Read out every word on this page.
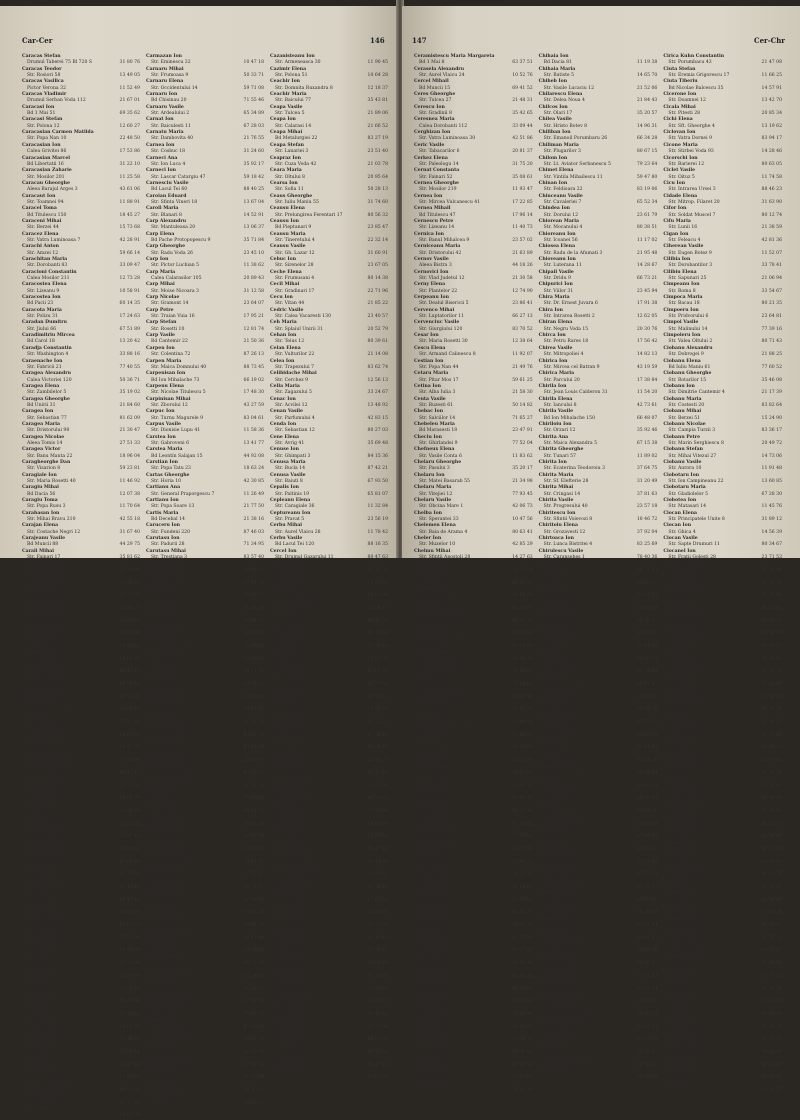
Car-Cer	146
Caracas Stefan
Drumul Taberei 75 Bl 720 S	31 80 76
Caracas Teodor
Str. Rosiori 58	13 49 05
Caracas Vasilica
Pictor Verona 32	11 52 49
Caracas Vladimir
Drumul Serban Voda 112	21 67 01
Caracasi Ion
Bd 1 Mai 51	69 35 62
Caracasi Stefan
Str. Polona 12	12 60 27
Caracasian Carmen Matilda
Str. Popa Nan 10	22 48 50
Caracasian Ion
Calea Grivitei 86	17 53 86
Caracasian Marcel
Bd Libertatii 16	31 22 10
Caracasian Zaharie
Str. Mosilor 201	11 25 58
Caracau Gheorghe
Aleea Barajul Arges 3	43 61 06
Caracaut Ion
Str. Toamnei 94	11 88 91
Caracel Toma
Bd Titulescu 150	18 45 27
Caraceni Mihai
Str. Berzei 44	15 73 68
Caracez Elena
Str. Vatra Luminoasa 7	42 28 91
Carachi Anton
Str. Amzei 12	59 66 14
Carachitan Maria
Str. Dorobanti 83	33 09 47
Caracioni Constantin
Calea Mosilor 211	12 73 28
Caracostea Elena
Str. Lizeanu 9	10 58 91
Caracostea Ion
Bd Pacii 23	60 14 35
Caracota Maria
Str. Polizu 31	17 24 63
Caradan Dumitru
Str. Jiului 66	67 51 89
Caradimitriu Mircea
Bd Carol 18	13 20 42
Caradja Constantin
Str. Washington 4	33 88 16
Caraenache Ion
Str. Fabricii 21	77 40 55
Caragea Alexandru
Calea Victoriei 120	50 36 71
Caragea Elena
Str. Zambilelor 5	35 19 02
Caragea Gheorghe
Bd Unirii 31	21 84 60
Caragea Ion
Str. Sebastian 77	81 62 09
Caragea Maria
Str. Dristorului 98	21 30 47
Caragea Nicolae
Aleea Tomis 14	27 51 33
Caragea Victor
Str. Banu Manta 22	18 96 04
Caragheorghe Dan
Str. Visarion 8	59 23 81
Caragiale Ion
Str. Maria Rosetti 40	11 46 92
Caragiu Mihai
Bd Dacia 56	12 07 38
Caragiu Toma
Str. Popa Rusu 3	11 70 64
Carahasan Ion
Str. Mihai Bravu 210	42 55 18
Carajan Elena
Str. Costache Negri 12	31 67 40
Carajeanu Vasile
Bd Muncii 88	44 29 75
Carali Mihai
Str. Fainari 17	35 81 62
Caraman Stefan
Calea Rahovei 301	23 14 09
Caramanlau Ion
Str. Aviatorilor 55	17 38 56
Caramfil Ana
Str. Barbu Vacarescu 16	33 72 91
Caramitru Ion
Bd Ferdinand 40	35 49 27
Caramuta Paul
Str. Matei Voievod 3	42 63 05
Caranda Maria
Str. Doamnei 6	13 55 80
Carandinos Petre
Bd Balcescu 9	14 31 62
Caranfil Ioana
Str. Lipscani 24	15 09 73
Carapancea Ion
Aleea Ilioara 7	83 46 12
Carapcea Vasile
Str. Turda 127	66 58 41
Caras Dumitru
Drumul Sarii 64	80 27 35
Carasel Elena
Str. Lunca Bradului 2	22 60 18
Carasu Ion
Bd Timisoara 12	77 12 43
Caratas Stefan
Str. Brezoianu 23	14 65 90
Caratanase Ana
Str. Pestalozzi 9	12 47 21
Caratanase Mihai
Calea Giulesti 135	77 80 06
Caravan Gheorghe
Str. Apusului 45	60 42 17
Caravia Nicolae
Str. Traian 152	21 54 38
Caravia Paul
Bd Magheru 28	59 05 74
Carazan Ion
Str. Nerva Traian 19	21 86 30
Carb Ion
Str. Odobesti 6	70 23 52
Carbarau Elena
Str. Salcamilor 3	42 97 15
Carbonaru Ion
Str. Sfintii Voievozi 47	18 34 61
Carbunaru Maria
Bd Bucurestii Noi 64	67 85 20
Carcadia Ion
Str. Plevnei 12	13 79 04
Carcaleanu Vasile
Str. Bucegi 33	65 12 47
Carcea Ion
Str. Grigore Ionescu 8	88 45 16
Carceanu Ion
Bd Eroilor 21	31 09 58
Carcotea Maria
Str. Berceni 44	83 61 27
Carcu Andrei
Str. Aviator Popisteanu 2	17 52 09
Carcu Elena
Str. Dobrogeanu 17	13 48 60
Carcu Ion
Str. Cotroceni 5	37 21 84
Carcu Viorica
Str. Paris 30	33 07 49
Cardas Ion
Bd Armata Poporului 1	31 66 25
Cardos Maria
Str. Putul lui Zamfir 4	59 14 88
Cardu Ion
Str. Iancu de Hunedoara 6	33 50 02
Carja Vasile
Str. Ion Campineanu 11	13 92 76
Carjan Mihai
Bd Basarabia 37	42 36 51
Carlan Elena
Str. Lirei 7	23 80 14
Carlan Ion
Str. Izvor 86	31 47 93
Carlanaru Ion
Str. Grivita 12	17 60 28
Carlaonti Gheorghe
Str. Veseliei 15	80 51 40
Carlasan Vasile
Str. Ceahlau 3	22 17 66
Carlea Ion
Str. Ilfov 6	14 25 39
Carmazan Ion
Str. Eminescu 32	10 47 18
Carnaru Mihai
Str. Frumoasa 9	50 33 71
Carnaru Elena
Str. Occidentului 14	59 71 08
Carnaru Ion
Bd Chisinau 20	71 55 46
Carnaru Vasile
Str. Ardealului 2	65 34 89
Carnat Ion
Str. Baiculesti 11	67 28 03
Carnatu Maria
Str. Dambovita 40	21 76 55
Carnea Ion
Str. Cosbuc 18	31 24 60
Carneci Ana
Str. Ion Luca 4	35 92 17
Carneci Ion
Str. Lascar Catargiu 47	59 18 42
Carnesciu Vasile
Bd Lacul Tei 60	88 40 25
Caroian Eduard
Str. Sfinta Vineri 18	13 67 04
Caroli Maria
Str. Blanari 8	14 52 91
Carp Alexandru
Str. Mantuleasa 20	13 06 37
Carp Elena
Bd Pache Protopopescu 9	35 71 84
Carp Gheorghe
Str. Radu Voda 26	23 45 10
Carp Ion
Str. Pictor Luchian 5	11 38 62
Carp Maria
Calea Calarasilor 105	20 89 43
Carp Mihai
Str. Moise Nicoara 3	31 12 58
Carp Nicolae
Str. Gramont 14	23 64 07
Carp Petre
Str. Traian Vuia 16	17 95 21
Carp Stefan
Str. Rosetti 10	12 81 74
Carp Vasile
Bd Cantemir 22	21 50 36
Carpen Ion
Str. Colentina 72	87 26 13
Carpen Maria
Str. Maica Domnului 40	88 73 45
Carpenisan Ion
Bd Ion Mihalache 73	66 19 02
Carpenu Elena
Str. Nicolae Titulescu 5	17 48 30
Carpinisan Mihai
Str. Zborului 12	43 27 59
Carpuc Ion
Str. Turnu Magurele 9	83 04 61
Carpus Vasile
Str. Dionisie Lupu 41	11 58 36
Carstea Ion
Str. Gabroveni 6	13 41 77
Carstea Maria
Bd Leontin Salajan 15	44 92 08
Carstian Ion
Str. Popa Tatu 23	18 63 24
Cartas Gheorghe
Str. Horia 10	42 30 85
Cartianu Ana
Str. General Praporgescu 7	11 26 49
Cartianu Ion
Str. Popa Soare 13	21 77 50
Cartis Maria
Bd Decebal 14	21 38 16
Caruceru Ion
Str. Fundeni 220	87 46 03
Carutasu Ion
Str. Padurii 28	71 34 95
Carutasu Mihai
Str. Trestiana 3	83 57 40
Casandra Ion
Str. Eroului 6	50 68 21
Casangiu Vasile
Str. Barbu Delavrancea 31	17 91 58
Casapu Elena
Str. Tunari 40	10 85 77
Casapu Ion
Str. Vasile Lascar 25	11 64 09
Casian Ion
Str. Mircea Voda 30	21 94 32
Casian Maria
Str. Romulus 8	20 43 66
Casleanu Ion
Str. Naum Ramniceanu 17	11 86 03
Caslaru Vasile
Str. Sf. Stefan 21	12 29 84
Caspar Elena
Str. Sperantei 9	10 71 36
Castaian Ion
Str. Mosilor 14	13 58 42
Castan Mihai
Str. Viitorului 107	12 40 91
Castelli Maria
Str. Italiana 4	14 62 85
Castrase Ion
Str. Tepes Voda 58	21 05 73
Castravet Vasile
Str. Oltenitei 112	83 22 16
Castravete Ion
Str. Luica 36	83 48 09
Castreana Elena
Str. Antiaeriana 11	23 96 47
Cataniciu Ion
Str. Teiul Doamnei 8	87 35 62
Catana Gheorghe
Str. Galati 20	11 53 28
Catana Ion
Bd Ion Sulea 44	71 80 04
Catana Maria
Str. Baba Novac 15	42 14 77
Catana Vasile
Str. Nitu Vasile 3	83 91 20
Catanescu Ion
Str. Doctor Felix 44	50 59 38
Catanoiu Elena
Str. Vasile Parvan 8	14 36 85
Catarama Ion
Str. Banul Antonache 21	33 81 52
Catargiu Mihai
Bd Kiseleff 19	17 23 07
Catavencu Ion
Str. Batistei 14	12 75 61
Cateliu Maria
Str. Icoanei 30	11 09 46
Catescu Ion
Str. Zalomit 8	14 92 33
Catinas Vasile
Str. Liviu Rebreanu 27	43 65 18
Catoiu Gheorghe
Str. Garlei 6	33 47 90
Catrina Ion
Str. Sold. Ilie Stoica 2	23 18 64
Catrina Maria
Str. Bradet 15	80 73 29
Catrinescu Elena
Str. Carpati 41	67 54 02
Catuna Ion
Str. Cuza Voda 19	21 60 87
Catuneanu Mihai
Str. Popa Lazar 6	12 34 59
Caulea Vasile
Str. Maior Coravu 9	35 26 71
Causu Ion
Str. Gherghitei 12	87 19 45
Cavaropol Elena
Str. Ghica Tei 33	88 52 36
Cazacu Ana
Str. Latina 16	11 45 03
Cazacu Gheorghe
Str. Ing. Zablovschi 5	67 81 14
Cazacu Ion
Str. Alexandru Sahia 61	11 27 68
Cazan Maria
Str. Lainici 10	78 36 92
Cazangiu Vasile
Str. Cetatii 7	80 62 17
Cazanisteanu Ion
Str. Armeneasca 30	11 90 45
Cazimir Elena
Str. Polona 51	10 64 28
Ceachir Ion
Str. Domnita Ruxandra 8	12 18 37
Ceachir Maria
Str. Baicului 77	35 43 81
Ceapa Vasile
Str. Tulcea 5	21 89 06
Ceapa Ion
Str. Calarasi 14	21 66 52
Ceapa Mihai
Bd Metalurgiei 22	83 27 19
Ceapa Stefan
Str. Lanariei 3	23 51 40
Ceapraz Ion
Str. Cuza Voda 42	21 03 78
Ceara Maria
Str. Oltului 8	20 95 64
Cearsa Ion
Str. Sofia 11	50 28 13
Ceaus Gheorghe
Str. Iuliu Maniu 55	31 74 60
Ceausu Elena
Str. Prelungirea Ferentari 17	80 56 32
Ceausu Ion
Bd Pieptanari 9	23 85 47
Ceausu Maria
Str. Tineretului 4	22 32 14
Ceausu Vasile
Str. Gh. Lazar 12	31 60 91
Cebuc Ion
Str. Sirenelor 28	23 67 05
Ceche Elena
Str. Frumusani 4	80 14 38
Cecil Mihai
Str. Gradinari 17	22 71 96
Cecu Ion
Str. Vitan 44	21 85 22
Cedric Vasile
Str. Calea Vacaresti 130	23 40 57
Ceh Maria
Str. Splaiul Unirii 31	20 52 79
Cehan Ion
Str. Teius 12	80 39 61
Celan Elena
Str. Vulturilor 22	21 14 08
Celea Ion
Str. Trapezului 7	83 62 74
Celibidache Mihai
Str. Cerchez 9	12 56 13
Cella Maria
Str. Zagazului 5	33 24 67
Cenac Ion
Str. Acvilei 12	13 48 92
Cenan Vasile
Str. Parfumului 4	42 83 15
Cenda Ion
Str. Sebastian 12	80 27 03
Cene Elena
Str. Avrig 41	35 69 48
Cenuse Ion
Str. Ghimpati 3	84 15 36
Cenusa Maria
Str. Bucla 14	87 42 21
Cenusa Vasile
Str. Baiuti 8	67 93 50
Cepalis Ion
Str. Paltinis 19	65 81 07
Cepleanu Elena
Str. Caragiale 36	11 32 84
Ceptureanu Ion
Str. Pravat 5	23 56 19
Cerbu Mihai
Str. Aurel Vlaicu 28	11 78 42
Cerbu Vasile
Bd Lacul Tei 120	88 16 35
Cercel Ion
Str. Drumul Gazarului 11	80 47 63
Cercel Maria
Str. Vatra Dornei 2	83 29 71
Cerchez Elena
Str. Berthelot 14	14 83 52
Cerchez Ion
Str. Grigore Alexandrescu 8	50 61 09
Cercheza Vasile
Str. Popa Savu 26	33 84 17
Cerciu Ion
Str. Cobadin 7	80 42 56
Cercu Maria
Str. Fagetului 33	65 12 93
Cercel Mihai
Bd Dinicu Golescu 45	37 58 24
Cerdac Ion
Str. Ionel Perlea 6	13 25 70
Cerea Elena
Str. Visana 12	87 61 48
Ceresanu Ion
Str. Pajurei 9	66 37 05
Cerga Vasile
Str. Cutitul de Argint 31	23 74 12
Cerghit Ion
Str. Mihai Eminescu 90	11 68 34
Cerna Maria
Str. Semicercului 5	60 50 27
Cernat Ion
Str. Doamna Ghica 14	87 36 41
Cernat Elena
Str. Ilioara 30	83 95 16
Cernat Mihai
Str. Bucovina 4	22 49 73
Cernat Vasile
Str. Mitropolit Varlaam 9	66 12 84
Cernatescu Ion
Str. Sf. Constantin 21	14 52 06
Cernau Maria
Str. Lunca Cernei 7	83 70 31
Cernea Ion
Str. Zizinului 12	71 26 58
Cernea Elena
Str. Argesului 18	14 63 49
Cernea Vasile
Str. Ialomita 9	35 80 62
Cernescu Ion
Str. Transilvaniei 36	59 17 83
Cernica Maria
Str. Manastirii 5	87 44 20
Cernovodeanu Paul
Str. Dumbrava Rosie 2	11 09 57
Cernuta Ion
Str. Liviu Rebreanu 9	43 38 16
Ceroni Elena
Str. Ing. Pascal 3	17 65 91
Cerqui Ion
Str. Agricultori 104	21 24 35
Certan Maria
Str. Ostrov 16	23 72 80
Cervatiuc Ion
Str. Rodnei 4	66 45 13
Ceteanu Vasile
Str. Dr. Staicovici 21	31 58 47
Ceterchi Ion
Str. Scoala Herastrau 8	33 90 24
Cetina Elena
Str. Barbu Lautaru 11	67 13 65
Cetatean Ion
Str. Lujerului 3	77 84 09
Cetateanu Mihai
Str. Stefan cel Mare 40	11 26 72
Ceuca Vasile
Str. Tudor Vladimirescu 6	31 40 83
Ceuleanu Ion
Str. Dumitru Zosima 15	33 73 58
Cezar Maria
Str. Ardealului 40	65 21 04
Cezar Vasile
Str. Maria Tanase 3	83 56 38
Cezarescu Ion
Str. Mihail Moxa 5	50 47 19
Cezari Elena
Str. Blajului 22	37 62 84
147	Cer-Chr
Ceramistescu Maria Margareta
Bd 1 Mai 8	63 37 51
Cerasela Alexandru
Str. Aurel Vlaicu 24	10 52 76
Cercel Mihail
Bd Muncii 15	69 41 52
Ceres Gheorghe
Str. Tulcea 27	21 48 31
Cerescu Ion
Str. Gradinii 8	35 42 65
Ceresnea Maria
Calea Dorobanti 112	33 09 44
Cerghizan Ion
Str. Vatra Luminoasa 30	42 51 86
Ceric Vasile
Str. Tabacarilor 6	20 81 37
Cerkez Elena
Str. Paleologu 14	31 75 20
Cernat Constanta
Str. Fainari 52	35 08 61
Cernea Gheorghe
Str. Mosilor 219	11 93 47
Cernea Ion
Str. Mircea Vulcanescu 41	17 22 85
Cernea Mihail
Bd Titulescu 47	17 96 14
Cernescu Petre
Str. Lizeanu 14	11 40 73
Cernica Ion
Str. Banul Mihalcea 9	23 57 02
Cerniceanu Maria
Str. Dristorului 42	21 63 89
Cernov Vasile
Aleea Bistra 3	44 18 26
Cernovici Ion
Str. Vlad Judetul 12	21 30 58
Cerny Elena
Str. Plantelor 22	12 74 90
Cerpeanu Ion
Str. Dealul Bisericii 5	23 86 41
Cervenco Mihai
Str. Luptatorilor 11	66 27 13
Cervenciuc Vasile
Str. Giurgiului 120	83 70 52
Cesar Ion
Str. Maria Rosetti 30	12 38 64
Cescu Elena
Str. Armand Calinescu 8	11 92 07
Cestian Ion
Str. Popa Nan 44	21 49 76
Cetaru Maria
Str. Pitar Mos 17	59 61 25
Cetina Ion
Str. Alba Iulia 3	21 58 30
Ceuta Vasile
Str. Buzesti 61	50 14 82
Chebac Ion
Str. Salciilor 14	71 65 27
Chebeleu Maria
Bd Marasesti 18	23 47 91
Checiu Ion
Str. Ghirlandei 9	77 52 04
Chefneux Elena
Str. Vasile Conta 6	11 83 62
Chelaru Gheorghe
Str. Pasului 3	35 20 17
Chelaru Ion
Str. Matei Basarab 55	21 34 98
Chelaru Maria
Str. Vitejiei 12	77 93 45
Chelaru Vasile
Str. Obcina Mare 1	42 06 73
Chelba Ion
Str. Sperantei 33	10 47 56
Chelemen Elena
Str. Baia de Arama 4	80 63 41
Cheler Ion
Str. Muzelor 10	42 85 29
Chelmu Mihai
Str. Sfintii Apostoli 28	14 27 63
Chelu Vasile
Str. Patriei 5	22 51 08
Chenciu Ion
Str. Drumul Taberei 33	80 95 34
Chendi Maria
Str. Aristide Briand 12	31 68 20
Chera Ion
Str. Barbu Vacarescu 120	88 24 57
Cherbelescu Elena
Str. Maica Domnului 8	88 37 16
Cherciu Ion
Str. Salvatorii 4	35 59 83
Cherecheanu Vasile
Str. Peleaga 13	83 11 69
Cherescu Ion
Str. Mihai Bravu 85	42 76 40
Chereches Maria
Str. Nerva Traian 2	21 93 05
Chereji Ion
Str. Frasinului 19	77 28 62
Cheresteanu Mihai
Str. Mesteacanului 5	67 40 18
Cheris Vasile
Str. Oituz 22	11 56 37
Chermeleu Ion
Str. Constantin Bosianu 7	23 81 94
Chersan Elena
Str. Alexandru Ioan Cuza 40	37 65 21
Chert Ion
Str. Gheorghe Sincai 15	31 42 06
Cherteu Maria
Str. Zambaccian 8	33 17 84
Chervase Ion
Str. Solomon 12	77 52 63
Chesaru Vasile
Str. Scaune 5	12 49 70
Chesca Ion
Str. Baltei 30	83 60 15
Chescu Elena
Str. Cireasov 4	80 27 48
Chestnoi Ion
Str. Lacramioarelor 17	87 14 32
Chetreanu Mihai
Str. Cernisoara 9	77 49 05
Chetroiu Vasile
Str. Uranus 41	31 72 58
Cheval Ion
Str. Selari 7	13 86 21
Chiac Maria
Str. Arcului 11	10 53 47
Chiaburu Ion
Str. Ion Nistor 2	42 19 86
Chiajna Elena
Str. Petre Ispirescu 14	37 40 62
Chialda Ion
Str. Strandului 6	80 62 37
Chiarelli Vasile
Str. Anton Pann 9	14 31 75
Chibac Ion
Str. Nitu Vasile 58	83 75 09
Chibici Maria
Str. Rimnicu Sarat 3	65 27 83
Chicet Ion
Str. Dr. Lister 17	31 92 46
Chichea Elena
Str. Cornitei 4	83 54 18
Chicinas Ion
Str. Salaj 21	80 39 67
Chicos Vasile
Str. Dumbravita 6	65 18 92
Chicu Ion
Str. Piscului 16	23 83 40
Chicu Maria
Str. Toamnei 5	11 64 53
Chifan Ion
Str. Sapientei 32	12 28 71
Chifiriuc Elena
Str. Zarandului 3	60 41 06
Chifor Ion
Str. Elev Stefanescu 14	87 62 34
Chifor Mihai
Str. Negustori 20	13 07 85
Chihaia Vasile
Str. Vanatorilor 9	70 46 19
Chihaia Ion
Bd Dacia 81	11 19 38
Chihaia Maria
Str. Batiste 5	14 65 70
Chiheb Ion
Str. Vasile Lucaciu 12	21 52 06
Chilarescu Elena
Str. Delea Noua 4	21 84 43
Chilcos Ion
Str. Olari 17	35 20 57
Chilea Vasile
Str. Hristo Botev 8	14 96 31
Chiliban Ion
Str. Emanoil Porumbaru 26	66 34 28
Chiliman Maria
Str. Plugarilor 3	80 67 15
Chilom Ion
Str. Lt. Aviator Serbanescu 5	79 23 64
Chimet Elena
Str. Vintila Mihailescu 11	59 47 80
Chinan Ion
Str. Feldioara 22	83 19 06
Chinceanu Vasile
Str. Cavaleriei 7	65 52 34
Chindea Ion
Str. Dorului 12	23 61 79
Chiorean Maria
Str. Mocanului 4	80 38 51
Chioreanu Ion
Str. Icoanei 56	11 17 02
Chiosea Elena
Str. Radu de la Afumati 3	21 95 48
Chioveanu Ion
Str. Luterana 11	14 28 67
Chipail Vasile
Str. Dridu 9	66 73 21
Chipurici Ion
Str. Viilor 31	23 45 94
Chira Maria
Str. Dr. Ernest Juvara 6	17 91 38
Chira Ion
Str. Intrarea Rosetti 2	12 62 05
Chiran Elena
Str. Negru Voda 15	20 30 76
Chirca Ion
Str. Petru Rares 18	17 56 42
Chirea Vasile
Str. Mitropoliei 4	14 82 13
Chirica Ion
Str. Mircea cel Batran 9	43 19 59
Chirica Maria
Str. Parcului 20	17 38 84
Chirila Ion
Str. Jean Louis Calderon 31	11 54 20
Chirila Elena
Str. Iancului 8	42 73 61
Chirila Vasile
Bd Ion Mihalache 150	66 48 07
Chiriloiu Ion
Str. Orzari 12	35 92 46
Chirita Ana
Str. Maica Alexandra 5	67 15 38
Chirita Gheorghe
Str. Tunari 57	11 89 02
Chirita Ion
Str. Ecaterina Teodoroiu 3	37 64 75
Chirita Maria
Str. Sf. Elefterie 28	31 20 49
Chirita Mihai
Str. Cringasi 14	37 81 63
Chirita Vasile
Str. Progresului 40	23 57 18
Chiritescu Ion
Str. Sfintii Voievozi 8	18 46 72
Chiritoiu Elena
Str. Grozavesti 12	37 92 04
Chirtoaca Ion
Str. Lunca Bistritei 4	83 25 69
Chirulescu Vasile
Str. Caransebes 1	78 40 36
Chis Ion
Str. Episcopiei 6	14 71 83
Chis Maria
Str. Biserica Amzei 9	50 63 12
Chis Mihai
Str. Salcimilor 27	21 47 90
Chisalita Ion
Str. Vulcan Judetul 15	21 08 34
Chiscop Elena
Str. Stirbei Voda 44	15 59 27
Chisiu Ion
Str. Doctor Lister 8	31 86 41
Chisleag Vasile
Str. Pompei 3	35 14 06
Chisu Ion
Str. Boteni 18	42 90 73
Chitac Maria
Str. Ceasornicului 6	66 32 58
Chitan Ion
Str. Vasile Stroescu 22	88 61 47
Chitea Elena
Str. Lipscani 53	13 27 90
Chitic Ion
Str. Precupetii Vechi 11	11 48 36
Chitimus Vasile
Str. Fabrica de Glucoza 5	87 73 02
Chitoiu Ion
Str. Cezar Bolliac 14	21 60 59
Chitu Maria
Str. Calugareni 7	20 14 85
Chitu Ion
Str. Apolodor 21	31 53 26
Chiujdea Elena
Str. Nicolae Filipescu 3	11 79 64
Chiva Ion
Str. Spatarului 13	11 92 18
Chivaran Vasile
Str. Heliade intre Vii 4	88 37 40
Chivu Ana
Str. Trotusului 9	80 54 71
Chivu Gheorghe
Str. Cuza Voda 61	21 66 09
Chivu Ion
Str. Liniei 30	37 19 85
Chivu Maria
Str. Zefirului 7	83 42 13
Chivulescu Ion
Str. Tepes Voda 2	21 27 56
Chiriac Mihai
Str. Fluierului 16	87 65 30
Chlebovski Elena
Str. Carol Davila 9	31 48 27
Chmilevschi Ion
Str. Palade 12	20 83 61
Chmura Vasile
Str. Ardeleni 4	11 26 98
Choban Ion
Str. Pustnicului 6	83 71 04
Chraif Maria
Str. Dem. I. Dobrescu 5	14 63 82
Chrisoghelos Ion
Str. Atena 18	33 85 46
Christea Elena
Str. Caderea Bastiliei 23	59 32 07
Christescu Ion
Str. Dianei 4	13 71 59
Christian Vasile
Str. Silvestru 10	11 52 34
Christodorescu Ion
Str. Popa Chitu 8	12 94 61
Christofor Maria
Str. Vasile Alecsandri 2	50 18 73
Christoforidis Ion
Str. Logofat Tautu 15	21 87 20
Christu Elena
Str. Nanului 9	31 43 65
Chronis Ion
Str. Gen. Lahovari 6	11 38 47
Chrysoveloni Vasile
Str. Pictor Grant 14	59 76 12
Chiuaru Ion
Str. Regina Elisabeta 3	13 25 98
Cirica Kuhn Constantin
Str. Porumbacu 43	21 47 08
Ciuta Stefan
Str. Eremia Grigorescu 17	11 66 25
Ciuta Tiberiu
Bd Nicolae Balcescu 35	14 57 91
Cicerone Ion
Str. Doamnei 12	13 42 70
Cicala Mihai
Str. Pitesti 28	20 85 34
Cichi Elena
Str. Sft. Gheorghe 4	13 19 62
Ciclovan Ion
Str. Vatra Dornei 9	83 94 17
Cicone Maria
Str. Stirbei Voda 93	14 28 46
Cicorschi Ion
Str. Barierei 12	80 63 05
Ciclet Vasile
Str. Oituz 5	11 74 58
Cicu Ion
Str. Intrarea Ursei 3	88 46 23
Cidade Elena
Str. Mitrop. Filaret 20	31 63 90
Cifor Ion
Str. Soldat Muscel 7	80 12 74
Cifu Maria
Str. Lunii 16	21 38 59
Cigan Ion
Str. Feleacu 4	42 81 36
Ciherean Vasile
Str. Eugen Botez 9	11 52 07
Cilibia Ion
Str. Dorobantilor 3	33 78 41
Cilibiu Elena
Str. Sapunari 25	21 06 94
Cimpeanu Ion
Str. Roma 8	33 54 67
Cimpoca Maria
Str. Bacau 18	80 21 35
Cimpoeru Ion
Str. Pridvorului 6	23 64 81
Cimpoi Vasile
Str. Malinului 14	77 39 16
Cimpoieru Ion
Str. Valea Oltului 2	80 71 43
Ciobanu Alexandru
Str. Dobrogei 9	21 88 25
Ciobanu Elena
Bd Iuliu Maniu 61	77 60 52
Ciobanu Gheorghe
Str. Rotarilor 15	35 46 08
Ciobanu Ion
Str. Dimitrie Cantemir 4	21 17 39
Ciobanu Maria
Str. Costesti 20	83 82 64
Ciobanu Mihai
Str. Berzei 51	15 24 90
Ciobanu Nicolae
Str. Campia Turzii 3	83 36 17
Ciobanu Petre
Str. Marin Serghiescu 8	20 49 72
Ciobanu Stefan
Str. Mihai Vitezul 27	14 73 06
Ciobanu Vasile
Str. Aurora 10	11 91 48
Ciobotaru Ion
Str. Ion Campineanu 22	13 60 85
Ciobotaru Maria
Str. Gladiolelor 5	67 28 30
Ciobotea Ion
Str. Matasari 14	11 45 76
Ciocan Elena
Str. Principatele Unite 8	31 89 12
Ciocan Ion
Str. Ghica 4	14 56 39
Ciocan Vasile
Str. Sapte Drumuri 11	80 34 67
Ciocanel Ion
Str. Fratii Golesti 28	23 71 53
Ciocanel Maria
Str. Sold. Minca 6	87 14 90
Ciocarlie Ion
Str. Herastrau 9	33 65 28
Ciocarlan Elena
Str. Gheorghe Marinescu 2	31 77 05
Ciocea Ion
Str. Cosmonautilor 16	80 52 46
Ciochina Vasile
Str. Mosnita 4	77 63 18
Ciochina Ion
Str. Teleajen 12	35 28 94
Ciocirlan Maria
Str. Stelutei 6	83 90 27
Ciocoiu Ion
Str. Nicolae Caramfil 40	79 45 61
Ciocoiu Elena
Str. Petofi Sandor 8	33 18 75
Ciocoiu Vasile
Str. Zimbrului 3	77 82 09
Ciocolan Ion
Str. Patriarhiei 12	21 39 64
Ciocson Maria
Str. Tamasului 5	80 15 38
Ciofu Ion
Str. Sevastopol 19	59 84 52
Ciofu Elena
Str. Cpt. Preda 6	35 27 80
Ciofu Vasile
Str. Ozana 14	42 66 13
Cioineag Ion
Str. Argentina 7	33 41 95
Ciolac Maria
Str. Lunca Muresului 3	60 79 24
Ciolacu Ion
Str. Brancoveanu 30	23 52 68
Ciolan Elena
Str. Serg. Nutu Ion 9	80 96 41
Ciolanescu Ion
Str. Bd Pache 17	35 34 02
Cioloca Vasile
Str. Tazlaului 4	66 21 57
Ciomag Ion
Str. Remus 21	20 48 86
Ciomu Maria
Str. Luminii 6	80 37 19
Ciopec Ion
Str. Arges 40	14 92 53
Ciopraga Elena
Str. Fagaras 12	80 63 75
Ciora Ion
Str. Ploiesti 9	87 16 42
Cioran Vasile
Str. Rasinari 5	23 84 06
Ciorba Ion
Str. Lizeanu 28	11 60 39
Ciorba Maria
Str. Baltagului 3	66 42 81
Ciorbea Ion
Str. Secuilor 18	83 70 14
Ciorbea Elena
Str. Sf. Ecaterina 4	14 25 67
Ciorogariu Ion
Str. Verii 11	31 58 90
Cioroiu Vasile
Str. Pitar Mos 6	11 47 23
Ciortan Ion
Str. Doamna Stanca 14	87 31 56
Ciortan Maria
Str. Pirvan Popescu 5	21 62 08
Ciota Ion
Str. Straja 16	83 85 31
Ciotea Elena
Str. Nuferilor 9	35 49 76
Ciotlaus Ion
Str. Horea 12	37 27 14
Ciotoiu Vasile
Str. Valea Cascadelor 20	78 62 49
Ciovica Ion
Str. Tincani 3	80 41 82
Cipere Maria
Str. Anastasie Panu 7	20 75 04
Cipria Ion
Str. Sfintilor 15	12 38 57
